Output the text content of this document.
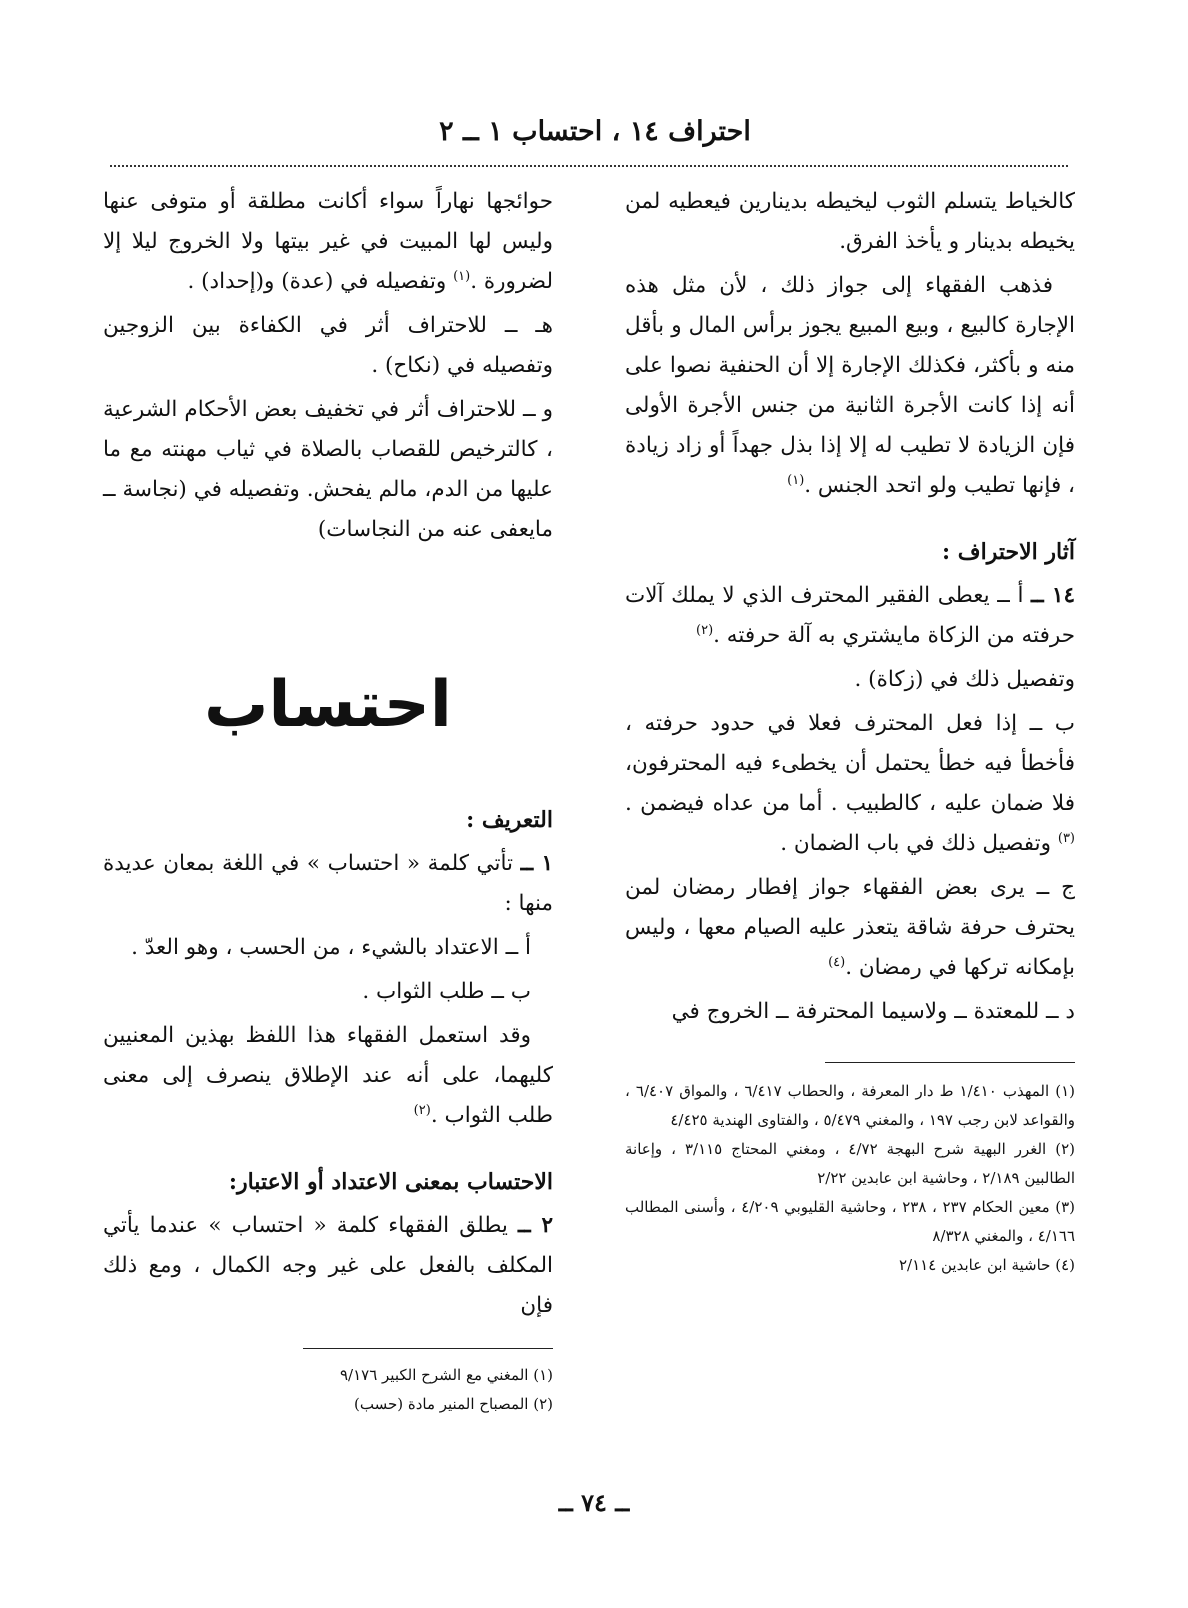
احتراف ١٤ ، احتساب ١ ــ ٢

كالخياط يتسلم الثوب ليخيطه بدينارين فيعطيه لمن يخيطه بدينار و يأخذ الفرق.

فذهب الفقهاء إلى جواز ذلك ، لأن مثل هذه الإجارة كالبيع ، وبيع المبيع يجوز برأس المال و بأقل منه و بأكثر، فكذلك الإجارة إلا أن الحنفية نصوا على أنه إذا كانت الأجرة الثانية من جنس الأجرة الأولى فإن الزيادة لا تطيب له إلا إذا بذل جهداً أو زاد زيادة ، فإنها تطيب ولو اتحد الجنس .$^{(١)}$

آثار الاحتراف :

١٤ ــ أ ــ يعطى الفقير المحترف الذي لا يملك آلات حرفته من الزكاة مايشتري به آلة حرفته .$^{(٢)}$

وتفصيل ذلك في (زكاة) .

ب ــ إذا فعل المحترف فعلا في حدود حرفته ، فأخطأ فيه خطأ يحتمل أن يخطىء فيه المحترفون، فلا ضمان عليه ، كالطبيب . أما من عداه فيضمن .$^{(٣)}$ وتفصيل ذلك في باب الضمان .

ج ــ يرى بعض الفقهاء جواز إفطار رمضان لمن يحترف حرفة شاقة يتعذر عليه الصيام معها ، وليس بإمكانه تركها في رمضان .$^{(٤)}$

د ــ للمعتدة ــ ولاسيما المحترفة ــ الخروج في

(١) المهذب ١/٤١٠ ط دار المعرفة ، والحطاب ٦/٤١٧ ، والمواق ٦/٤٠٧ ، والقواعد لابن رجب ١٩٧ ، والمغني ٥/٤٧٩ ، والفتاوى الهندية ٤/٤٢٥

(٢) الغرر البهية شرح البهجة ٤/٧٢ ، ومغني المحتاج ٣/١١٥ ، وإعانة الطالبين ٢/١٨٩ ، وحاشية ابن عابدين ٢/٢٢

(٣) معين الحكام ٢٣٧ ، ٢٣٨ ، وحاشية القليوبي ٤/٢٠٩ ، وأسنى المطالب ٤/١٦٦ ، والمغني ٨/٣٢٨

(٤) حاشية ابن عابدين ٢/١١٤

حوائجها نهاراً سواء أكانت مطلقة أو متوفى عنها وليس لها المبيت في غير بيتها ولا الخروج ليلا إلا لضرورة .$^{(١)}$ وتفصيله في (عدة) و(إحداد) .

هـ ــ للاحتراف أثر في الكفاءة بين الزوجين وتفصيله في (نكاح) .

و ــ للاحتراف أثر في تخفيف بعض الأحكام الشرعية ، كالترخيص للقصاب بالصلاة في ثياب مهنته مع ما عليها من الدم، مالم يفحش. وتفصيله في (نجاسة ــ مايعفى عنه من النجاسات)

احتساب

التعريف :

١ ــ تأتي كلمة « احتساب » في اللغة بمعان عديدة منها :

أ ــ الاعتداد بالشيء ، من الحسب ، وهو العدّ .

ب ــ طلب الثواب .

وقد استعمل الفقهاء هذا اللفظ بهذين المعنيين كليهما، على أنه عند الإطلاق ينصرف إلى معنى طلب الثواب .$^{(٢)}$

الاحتساب بمعنى الاعتداد أو الاعتبار:

٢ ــ يطلق الفقهاء كلمة « احتساب » عندما يأتي المكلف بالفعل على غير وجه الكمال ، ومع ذلك فإن

(١) المغني مع الشرح الكبير ٩/١٧٦

(٢) المصباح المنير مادة (حسب)

ــ ٧٤ ــ
